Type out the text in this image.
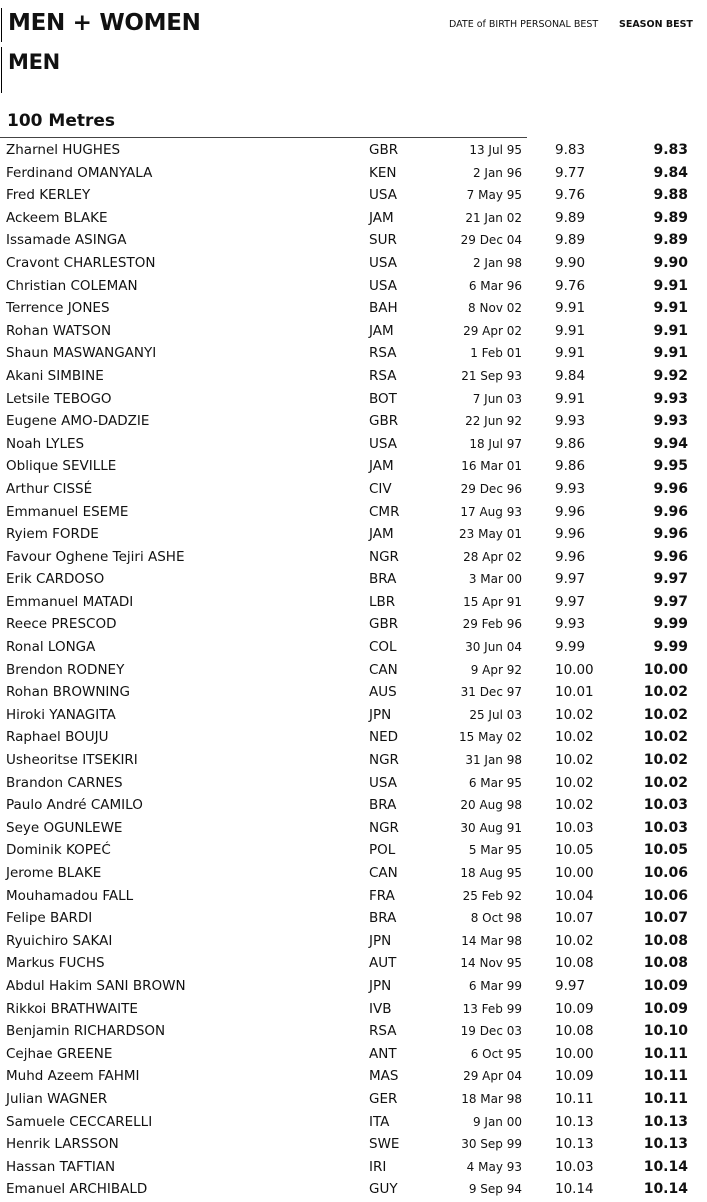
MEN + WOMEN
MEN
DATE of BIRTH PERSONAL BEST SEASON BEST
100 Metres
Zharnel HUGHES	GBR	13 Jul 95 9.83	9.83
Ferdinand OMANYALA	KEN	2 Jan 96 9.77	9.84
Fred KERLEY	USA	7 May 95 9.76	9.88
Ackeem BLAKE	JAM	21 Jan 02 9.89	9.89
Issamade ASINGA	SUR	29 Dec 04 9.89	9.89
Cravont CHARLESTON	USA	2 Jan 98 9.90	9.90
Christian COLEMAN	USA	6 Mar 96 9.76	9.91
Terrence JONES	BAH	8 Nov 02 9.91	9.91
Rohan WATSON	JAM	29 Apr 02 9.91	9.91
Shaun MASWANGANYI	RSA	1 Feb 01 9.91	9.91
Akani SIMBINE	RSA	21 Sep 93 9.84	9.92
Letsile TEBOGO	BOT	7 Jun 03 9.91	9.93
Eugene AMO-DADZIE	GBR	22 Jun 92 9.93	9.93
Noah LYLES	USA	18 Jul 97 9.86	9.94
Oblique SEVILLE	JAM	16 Mar 01 9.86	9.95
Arthur CISSÉ	CIV	29 Dec 96 9.93	9.96
Emmanuel ESEME	CMR	17 Aug 93 9.96	9.96
Ryiem FORDE	JAM	23 May 01 9.96	9.96
Favour Oghene Tejiri ASHE	NGR	28 Apr 02 9.96	9.96
Erik CARDOSO	BRA	3 Mar 00 9.97	9.97
Emmanuel MATADI	LBR	15 Apr 91 9.97	9.97
Reece PRESCOD	GBR	29 Feb 96 9.93	9.99
Ronal LONGA	COL	30 Jun 04 9.99	9.99
Brendon RODNEY	CAN	9 Apr 92 10.00	10.00
Rohan BROWNING	AUS	31 Dec 97 10.01	10.02
Hiroki YANAGITA	JPN	25 Jul 03 10.02	10.02
Raphael BOUJU	NED	15 May 02 10.02	10.02
Usheoritse ITSEKIRI	NGR	31 Jan 98 10.02	10.02
Brandon CARNES	USA	6 Mar 95 10.02	10.02
Paulo André CAMILO	BRA	20 Aug 98 10.02	10.03
Seye OGUNLEWE	NGR	30 Aug 91 10.03	10.03
Dominik KOPEĆ	POL	5 Mar 95 10.05	10.05
Jerome BLAKE	CAN	18 Aug 95 10.00	10.06
Mouhamadou FALL	FRA	25 Feb 92 10.04	10.06
Felipe BARDI	BRA	8 Oct 98 10.07	10.07
Ryuichiro SAKAI	JPN	14 Mar 98 10.02	10.08
Markus FUCHS	AUT	14 Nov 95 10.08	10.08
Abdul Hakim SANI BROWN	JPN	6 Mar 99 9.97	10.09
Rikkoi BRATHWAITE	IVB	13 Feb 99 10.09	10.09
Benjamin RICHARDSON	RSA	19 Dec 03 10.08	10.10
Cejhae GREENE	ANT	6 Oct 95 10.00	10.11
Muhd Azeem FAHMI	MAS	29 Apr 04 10.09	10.11
Julian WAGNER	GER	18 Mar 98 10.11	10.11
Samuele CECCARELLI	ITA	9 Jan 00 10.13	10.13
Henrik LARSSON	SWE	30 Sep 99 10.13	10.13
Hassan TAFTIAN	IRI	4 May 93 10.03	10.14
Emanuel ARCHIBALD	GUY	9 Sep 94 10.14	10.14
